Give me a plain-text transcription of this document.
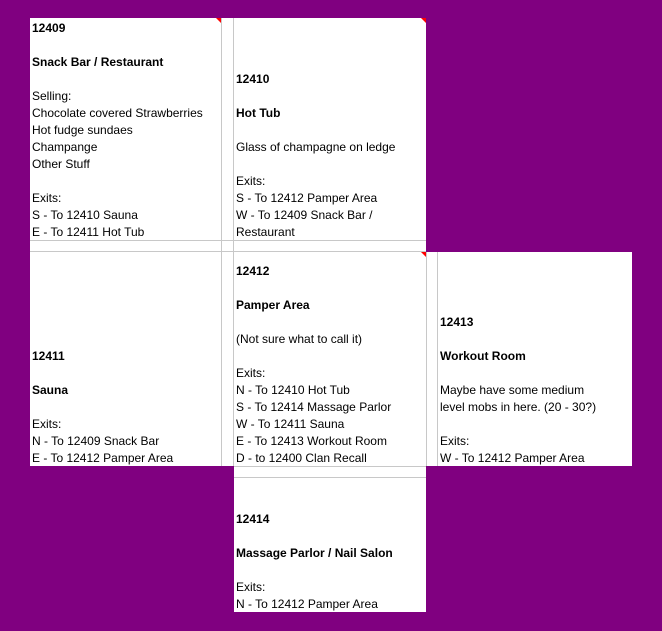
12409
Snack Bar / Restaurant
Selling:
Chocolate covered Strawberries
Hot fudge sundaes
Champange
Other Stuff
Exits:
S - To 12410 Sauna
E - To 12411 Hot Tub
12410
Hot Tub
Glass of champagne on ledge
Exits:
S - To 12412 Pamper Area
W - To 12409 Snack Bar /
Restaurant
12411
Sauna
Exits:
N - To 12409 Snack Bar
E - To 12412 Pamper Area
12412
Pamper Area
(Not sure what to call it)
Exits:
N - To 12410 Hot Tub
S - To 12414 Massage Parlor
W - To 12411 Sauna
E - To 12413 Workout Room
D - to 12400 Clan Recall
12413
Workout Room
Maybe have some medium
level mobs in here. (20 - 30?)
Exits:
W - To 12412 Pamper Area
12414
Massage Parlor / Nail Salon
Exits:
N - To 12412 Pamper Area
